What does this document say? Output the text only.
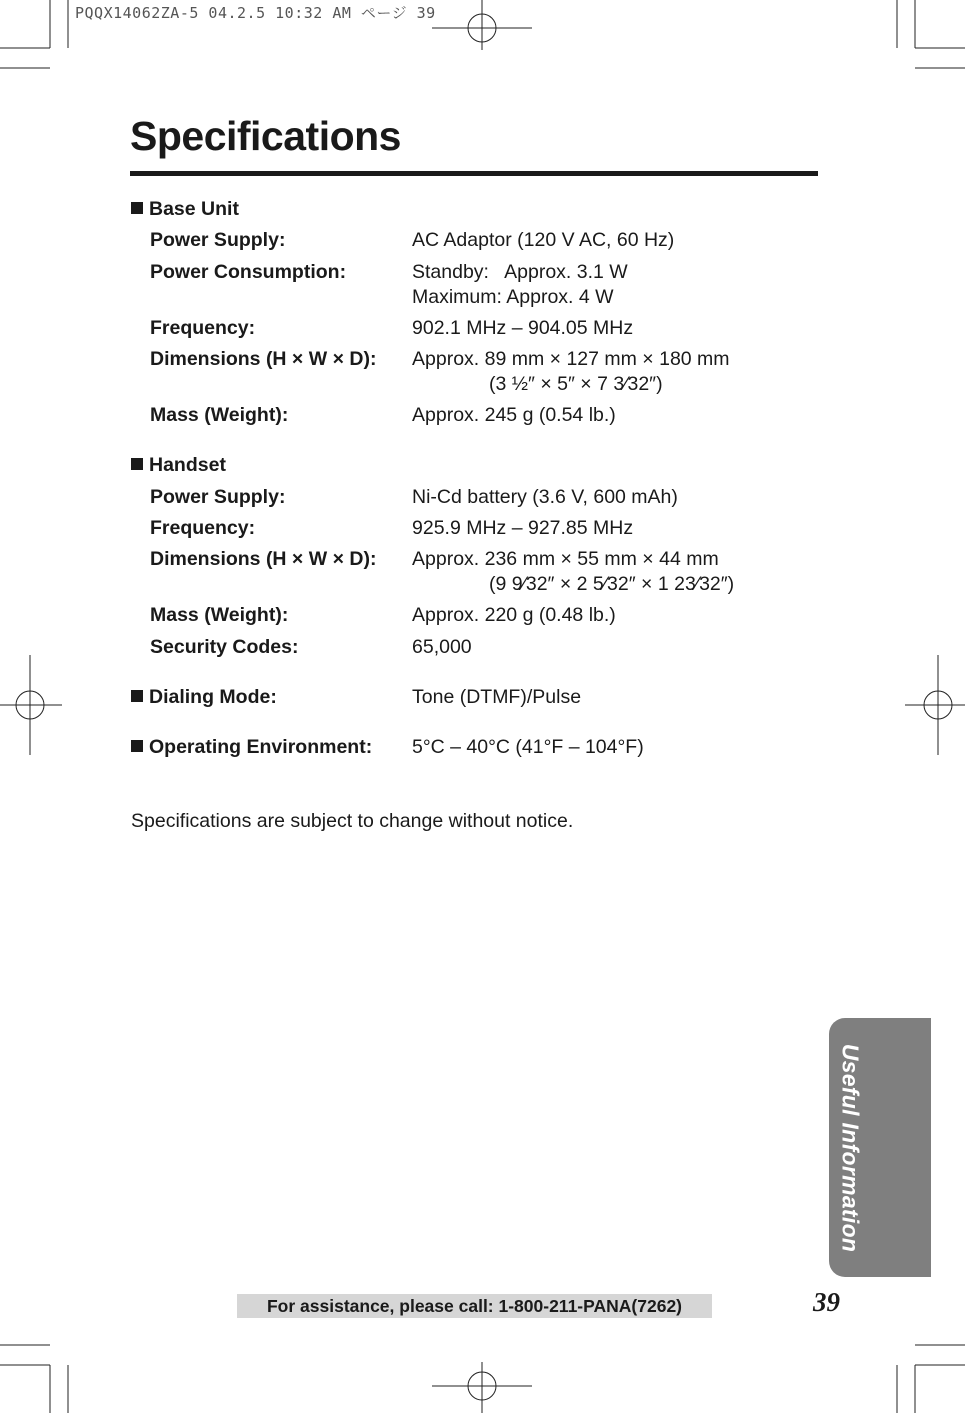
PQQX14062ZA-5 04.2.5 10:32 AM ページ 39
Specifications
Base Unit
Power Supply:	AC Adaptor (120 V AC, 60 Hz)
Power Consumption:	Standby:   Approx. 3.1 W
Maximum: Approx. 4 W
Frequency:	902.1 MHz – 904.05 MHz
Dimensions (H × W × D): Approx. 89 mm × 127 mm × 180 mm
(3 ½″ × 5″ × 7 3⁄32″)
Mass (Weight):	Approx. 245 g (0.54 lb.)
Handset
Power Supply:	Ni-Cd battery (3.6 V, 600 mAh)
Frequency:	925.9 MHz – 927.85 MHz
Dimensions (H × W × D): Approx. 236 mm × 55 mm × 44 mm
(9 9⁄32″ × 2 5⁄32″ × 1 23⁄32″)
Mass (Weight):	Approx. 220 g (0.48 lb.)
Security Codes:	65,000
Dialing Mode:	Tone (DTMF)/Pulse
Operating Environment: 5°C – 40°C (41°F – 104°F)
Specifications are subject to change without notice.
Useful Information
For assistance, please call: 1-800-211-PANA(7262)	39
